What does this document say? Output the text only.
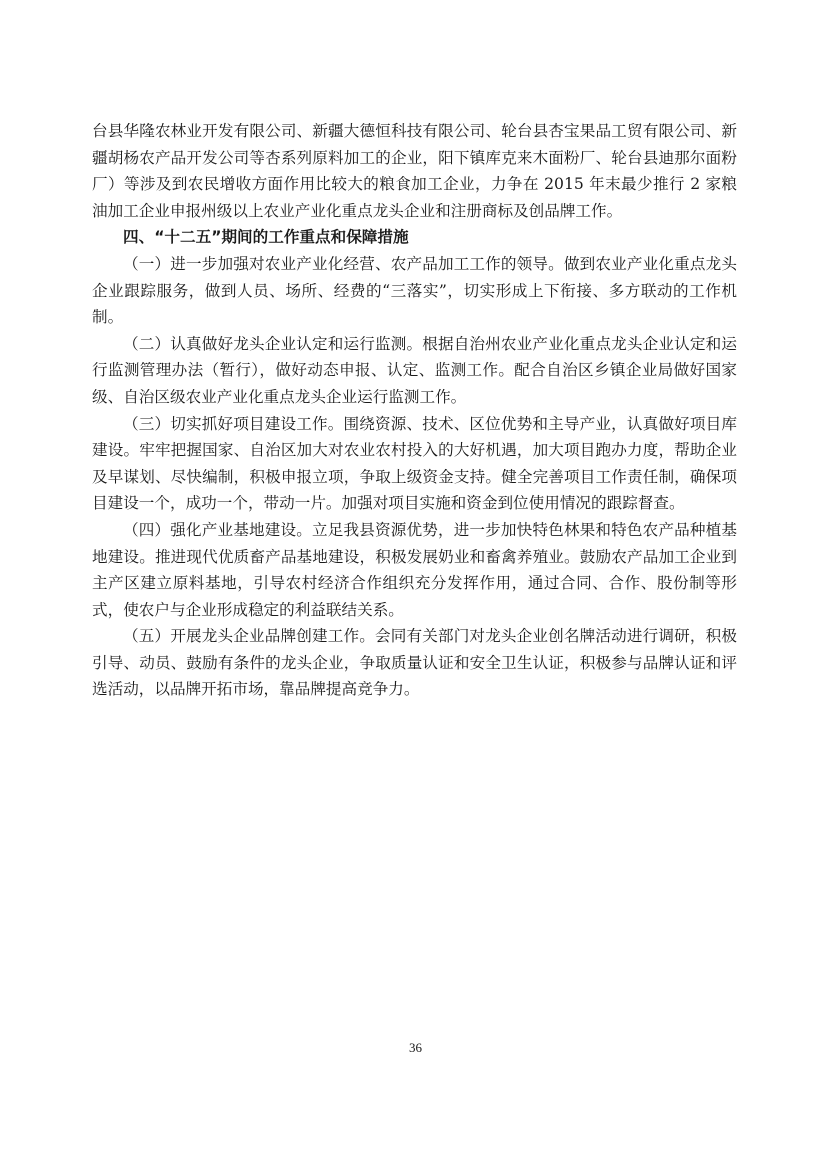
台县华隆农林业开发有限公司、新疆大德恒科技有限公司、轮台县杏宝果品工贸有限公司、新疆胡杨农产品开发公司等杏系列原料加工的企业，阳下镇库克来木面粉厂、轮台县迪那尔面粉厂）等涉及到农民增收方面作用比较大的粮食加工企业，力争在 2015 年末最少推行 2 家粮油加工企业申报州级以上农业产业化重点龙头企业和注册商标及创品牌工作。

四、“十二五”期间的工作重点和保障措施

（一）进一步加强对农业产业化经营、农产品加工工作的领导。做到农业产业化重点龙头企业跟踪服务，做到人员、场所、经费的“三落实”，切实形成上下衔接、多方联动的工作机制。

（二）认真做好龙头企业认定和运行监测。根据自治州农业产业化重点龙头企业认定和运行监测管理办法（暂行），做好动态申报、认定、监测工作。配合自治区乡镇企业局做好国家级、自治区级农业产业化重点龙头企业运行监测工作。

（三）切实抓好项目建设工作。围绕资源、技术、区位优势和主导产业，认真做好项目库建设。牢牢把握国家、自治区加大对农业农村投入的大好机遇，加大项目跑办力度，帮助企业及早谋划、尽快编制，积极申报立项，争取上级资金支持。健全完善项目工作责任制，确保项目建设一个，成功一个，带动一片。加强对项目实施和资金到位使用情况的跟踪督查。

（四）强化产业基地建设。立足我县资源优势，进一步加快特色林果和特色农产品种植基地建设。推进现代优质畜产品基地建设，积极发展奶业和畜禽养殖业。鼓励农产品加工企业到主产区建立原料基地，引导农村经济合作组织充分发挥作用，通过合同、合作、股份制等形式，使农户与企业形成稳定的利益联结关系。

（五）开展龙头企业品牌创建工作。会同有关部门对龙头企业创名牌活动进行调研，积极引导、动员、鼓励有条件的龙头企业，争取质量认证和安全卫生认证，积极参与品牌认证和评选活动，以品牌开拓市场，靠品牌提高竞争力。

36
